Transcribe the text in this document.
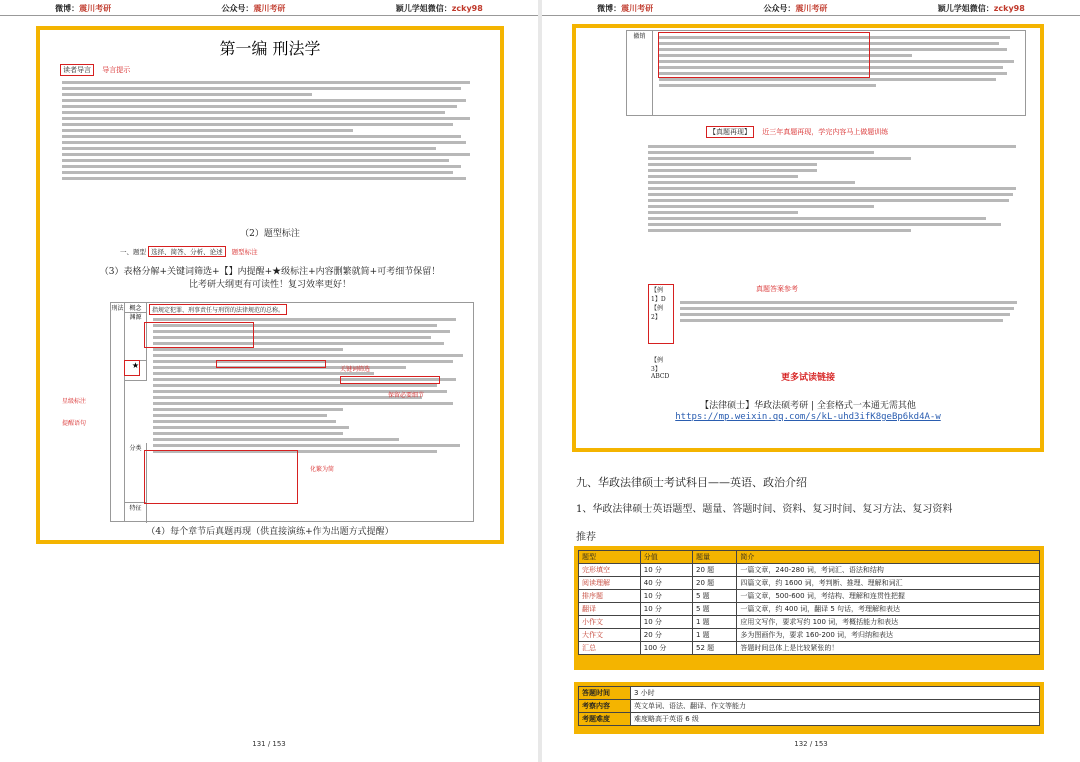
微博：震川考研	公众号：震川考研	颖儿学姐微信：zcky98
第一编 刑法学
读者导言 导言提示
（2）题型标注
一、题型 选择、简答、分析、论述 题型标注
（3）表格分解+关键词筛选+【】内提醒+★级标注+内容删繁就简+可考细节保留！
比考研大纲更有可读性！复习效率更好！
刑法 概念	指规定犯罪、刑事责任与刑罚的法律规范的总称。
渊源
★
分类
特征
关键词筛选
保留必要细节
星级标注
提醒语句
化繁为简
（4）每个章节后真题再现（供直接演练+作为出题方式提醒）
131 / 153
微博：震川考研	公众号：震川考研	颖儿学姐微信：zcky98
撤销
【真题再现】 近三年真题再现，学完内容马上做题训练
【例 1】D
【例 2】
【例 3】ABCD
真题答案参考
更多试读链接
【法律硕士】华政法硕考研 | 全套格式一本通无需其他
https://mp.weixin.qq.com/s/kL-uhd3ifK8geBp6kd4A-w
九、华政法律硕士考试科目——英语、政治介绍
1、华政法律硕士英语题型、题量、答题时间、资料、复习时间、复习方法、复习资料
推荐
题型	分值	题量	简介
完形填空	10 分	20 题	一篇文章，240-280 词，考词汇、语法和结构
阅读理解	40 分	20 题	四篇文章，约 1600 词，考判断、推理、理解和词汇
排序题	10 分	5 题	一篇文章，500-600 词，考结构、理解和连贯性把握
翻译	10 分	5 题	一篇文章，约 400 词，翻译 5 句话，考理解和表达
小作文	10 分	1 题	应用文写作，要求写约 100 词，考概括能力和表达
大作文	20 分	1 题	多为图画作为，要求 160-200 词，考归纳和表达
汇总	100 分	52 题	答题时间总体上是比较紧张的！
答题时间	3 小时
考察内容	英文单词、语法、翻译、作文等能力
考题难度	难度略高于英语 6 级
132 / 153
